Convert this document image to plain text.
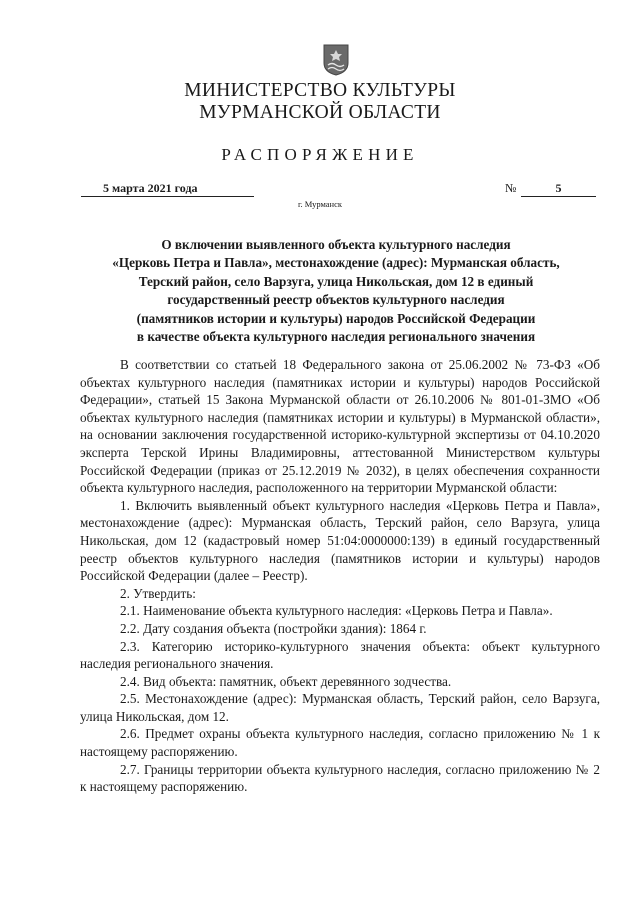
МИНИСТЕРСТВО КУЛЬТУРЫ
МУРМАНСКОЙ ОБЛАСТИ
РАСПОРЯЖЕНИЕ
5 марта 2021 года	№	5
г. Мурманск
О включении выявленного объекта культурного наследия
«Церковь Петра и Павла», местонахождение (адрес): Мурманская область,
Терский район, село Варзуга, улица Никольская, дом 12 в единый
государственный реестр объектов культурного наследия
(памятников истории и культуры) народов Российской Федерации
в качестве объекта культурного наследия регионального значения

В соответствии со статьей 18 Федерального закона от 25.06.2002 № 73-ФЗ «Об объектах культурного наследия (памятниках истории и культуры) народов Российской Федерации», статьей 15 Закона Мурманской области от 26.10.2006 № 801-01-ЗМО «Об объектах культурного наследия (памятниках истории и культуры) в Мурманской области», на основании заключения государственной историко-культурной экспертизы от 04.10.2020 эксперта Терской Ирины Владимировны, аттестованной Министерством культуры Российской Федерации (приказ от 25.12.2019 № 2032), в целях обеспечения сохранности объекта культурного наследия, расположенного на территории Мурманской области:

1. Включить выявленный объект культурного наследия «Церковь Петра и Павла», местонахождение (адрес): Мурманская область, Терский район, село Варзуга, улица Никольская, дом 12 (кадастровый номер 51:04:0000000:139) в единый государственный реестр объектов культурного наследия (памятников истории и культуры) народов Российской Федерации (далее – Реестр).

2. Утвердить:

2.1. Наименование объекта культурного наследия: «Церковь Петра и Павла».

2.2. Дату создания объекта (постройки здания): 1864 г.

2.3. Категорию историко-культурного значения объекта: объект культурного наследия регионального значения.

2.4. Вид объекта: памятник, объект деревянного зодчества.

2.5. Местонахождение (адрес): Мурманская область, Терский район, село Варзуга, улица Никольская, дом 12.

2.6. Предмет охраны объекта культурного наследия, согласно приложению № 1 к настоящему распоряжению.

2.7. Границы территории объекта культурного наследия, согласно приложению № 2 к настоящему распоряжению.
